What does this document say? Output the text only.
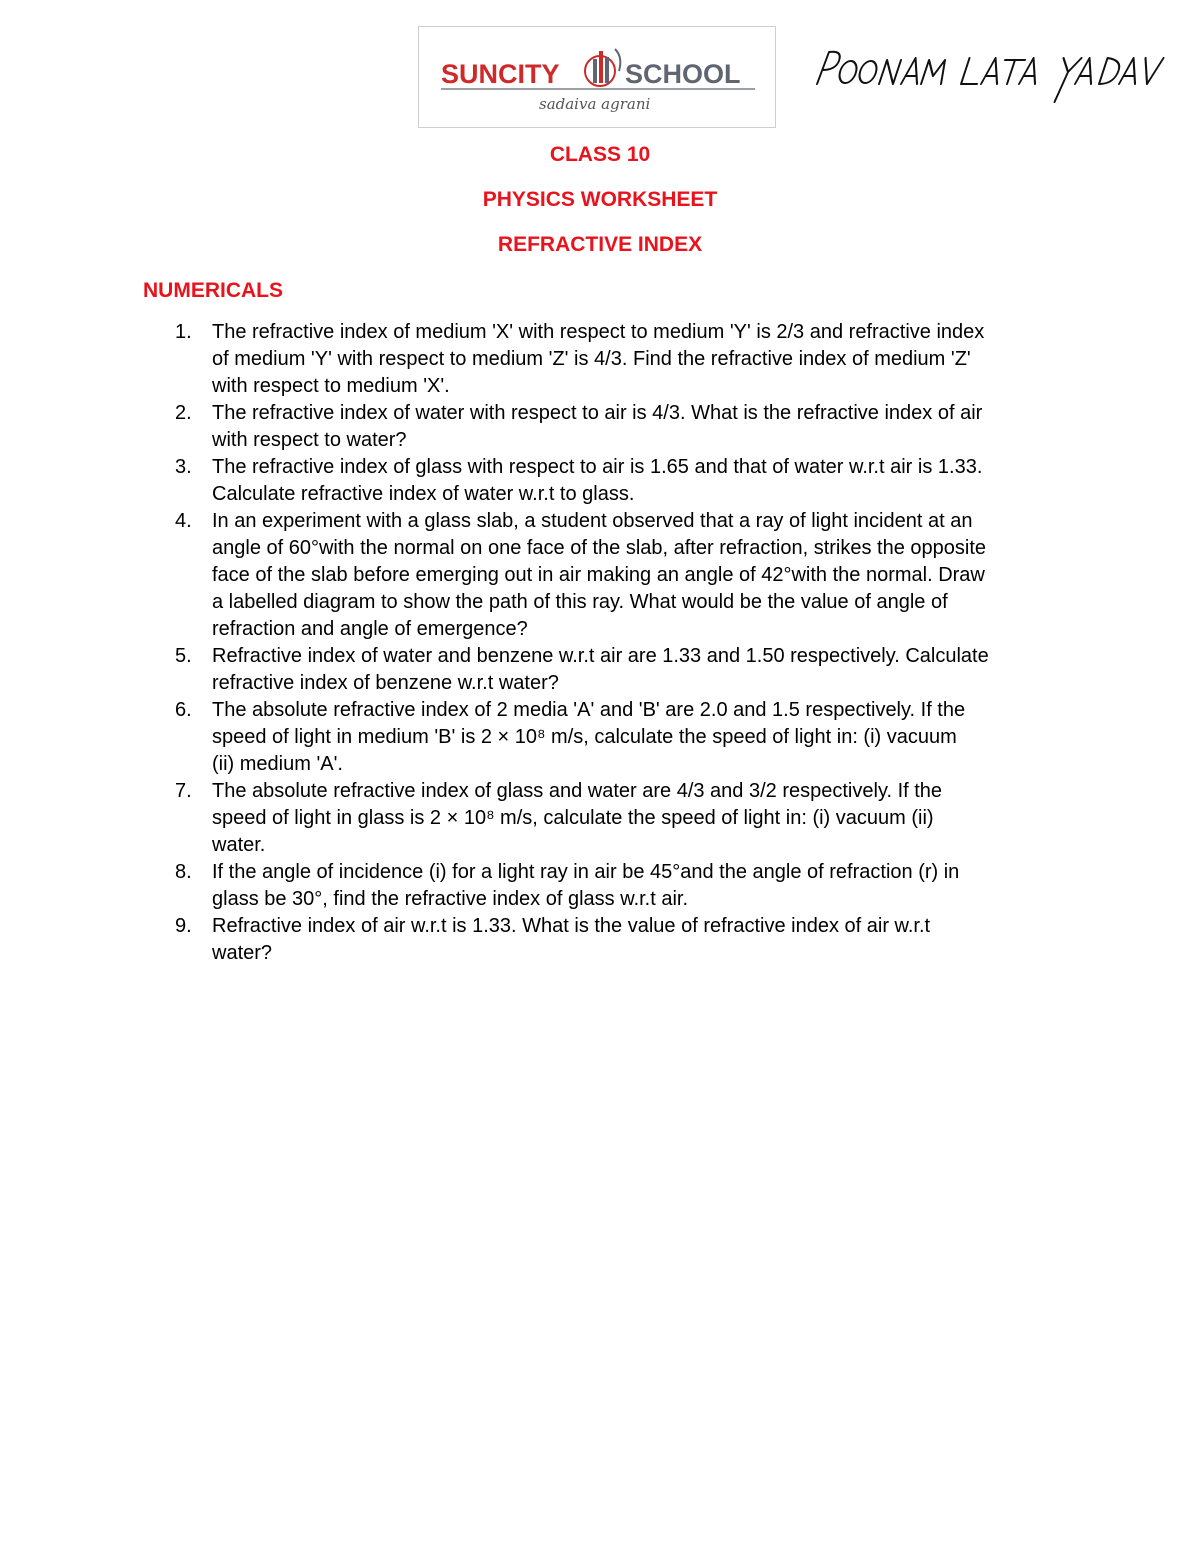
SUNCITY SCHOOL
sadaiva agrani
CLASS 10
PHYSICS WORKSHEET
REFRACTIVE INDEX
NUMERICALS
1.	The refractive index of medium 'X' with respect to medium 'Y' is 2/3 and refractive index
of medium 'Y' with respect to medium 'Z' is 4/3. Find the refractive index of medium 'Z'
with respect to medium 'X'.
2.	The refractive index of water with respect to air is 4/3. What is the refractive index of air
with respect to water?
3.	The refractive index of glass with respect to air is 1.65 and that of water w.r.t air is 1.33.
Calculate refractive index of water w.r.t to glass.
4.	In an experiment with a glass slab, a student observed that a ray of light incident at an
angle of 60°with the normal on one face of the slab, after refraction, strikes the opposite
face of the slab before emerging out in air making an angle of 42°with the normal. Draw
a labelled diagram to show the path of this ray. What would be the value of angle of
refraction and angle of emergence?
5.	Refractive index of water and benzene w.r.t air are 1.33 and 1.50 respectively. Calculate
refractive index of benzene w.r.t water?
6.	The absolute refractive index of 2 media 'A' and 'B' are 2.0 and 1.5 respectively. If the
speed of light in medium 'B' is 2 × 10⁸ m/s, calculate the speed of light in: (i) vacuum
(ii) medium 'A'.
7.	The absolute refractive index of glass and water are 4/3 and 3/2 respectively. If the
speed of light in glass is 2 × 10⁸ m/s, calculate the speed of light in: (i) vacuum (ii)
water.
8.	If the angle of incidence (i) for a light ray in air be 45°and the angle of refraction (r) in
glass be 30°, find the refractive index of glass w.r.t air.
9.	Refractive index of air w.r.t is 1.33. What is the value of refractive index of air w.r.t
water?
